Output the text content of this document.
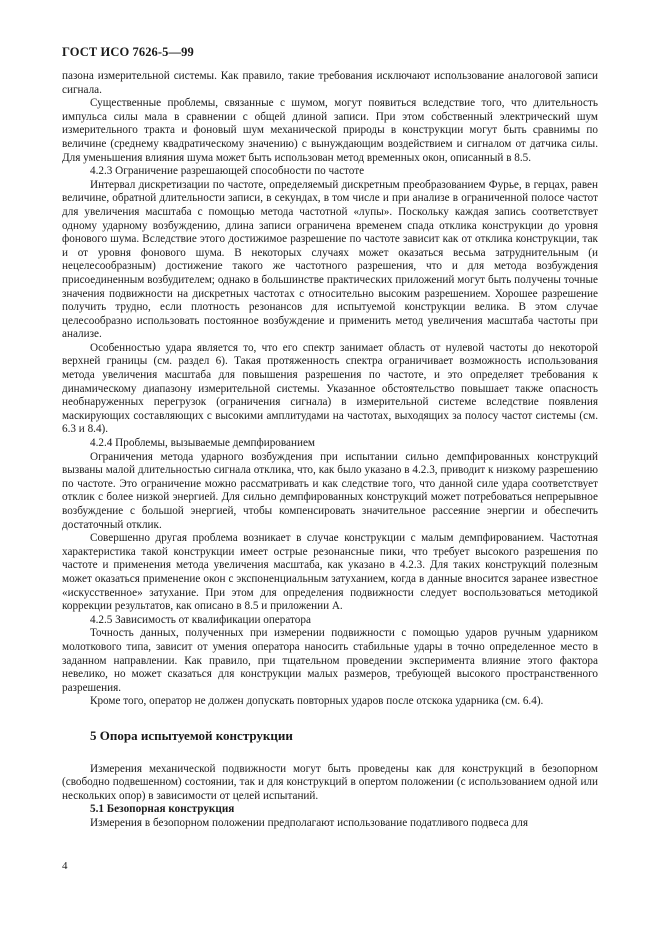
ГОСТ ИСО 7626-5—99

пазона измерительной системы. Как правило, такие требования исключают использование аналоговой записи сигнала.

Существенные проблемы, связанные с шумом, могут появиться вследствие того, что длительность импульса силы мала в сравнении с общей длиной записи. При этом собственный электрический шум измерительного тракта и фоновый шум механической природы в конструкции могут быть сравнимы по величине (среднему квадратическому значению) с вынуждающим воздействием и сигналом от датчика силы. Для уменьшения влияния шума может быть использован метод временных окон, описанный в 8.5.

4.2.3 Ограничение разрешающей способности по частоте

Интервал дискретизации по частоте, определяемый дискретным преобразованием Фурье, в герцах, равен величине, обратной длительности записи, в секундах, в том числе и при анализе в ограниченной полосе частот для увеличения масштаба с помощью метода частотной «лупы». Поскольку каждая запись соответствует одному ударному возбуждению, длина записи ограничена временем спада отклика конструкции до уровня фонового шума. Вследствие этого достижимое разрешение по частоте зависит как от отклика конструкции, так и от уровня фонового шума. В некоторых случаях может оказаться весьма затруднительным (и нецелесообразным) достижение такого же частотного разрешения, что и для метода возбуждения присоединенным возбудителем; однако в большинстве практических приложений могут быть получены точные значения подвижности на дискретных частотах с относительно высоким разрешением. Хорошее разрешение получить трудно, если плотность резонансов для испытуемой конструкции велика. В этом случае целесообразно использовать постоянное возбуждение и применить метод увеличения масштаба частоты при анализе.

Особенностью удара является то, что его спектр занимает область от нулевой частоты до некоторой верхней границы (см. раздел 6). Такая протяженность спектра ограничивает возможность использования метода увеличения масштаба для повышения разрешения по частоте, и это определяет требования к динамическому диапазону измерительной системы. Указанное обстоятельство повышает также опасность необнаруженных перегрузок (ограничения сигнала) в измерительной системе вследствие появления маскирующих составляющих с высокими амплитудами на частотах, выходящих за полосу частот системы (см. 6.3 и 8.4).

4.2.4 Проблемы, вызываемые демпфированием

Ограничения метода ударного возбуждения при испытании сильно демпфированных конструкций вызваны малой длительностью сигнала отклика, что, как было указано в 4.2.3, приводит к низкому разрешению по частоте. Это ограничение можно рассматривать и как следствие того, что данной силе удара соответствует отклик с более низкой энергией. Для сильно демпфированных конструкций может потребоваться непрерывное возбуждение с большой энергией, чтобы компенсировать значительное рассеяние энергии и обеспечить достаточный отклик.

Совершенно другая проблема возникает в случае конструкции с малым демпфированием. Частотная характеристика такой конструкции имеет острые резонансные пики, что требует высокого разрешения по частоте и применения метода увеличения масштаба, как указано в 4.2.3. Для таких конструкций полезным может оказаться применение окон с экспоненциальным затуханием, когда в данные вносится заранее известное «искусственное» затухание. При этом для определения подвижности следует воспользоваться методикой коррекции результатов, как описано в 8.5 и приложении А.

4.2.5 Зависимость от квалификации оператора

Точность данных, полученных при измерении подвижности с помощью ударов ручным ударником молоткового типа, зависит от умения оператора наносить стабильные удары в точно определенное место в заданном направлении. Как правило, при тщательном проведении эксперимента влияние этого фактора невелико, но может сказаться для конструкции малых размеров, требующей высокого пространственного разрешения.

Кроме того, оператор не должен допускать повторных ударов после отскока ударника (см. 6.4).

5 Опора испытуемой конструкции

Измерения механической подвижности могут быть проведены как для конструкций в безопорном (свободно подвешенном) состоянии, так и для конструкций в опертом положении (с использованием одной или нескольких опор) в зависимости от целей испытаний.

5.1 Безопорная конструкция

Измерения в безопорном положении предполагают использование податливого подвеса для

4
